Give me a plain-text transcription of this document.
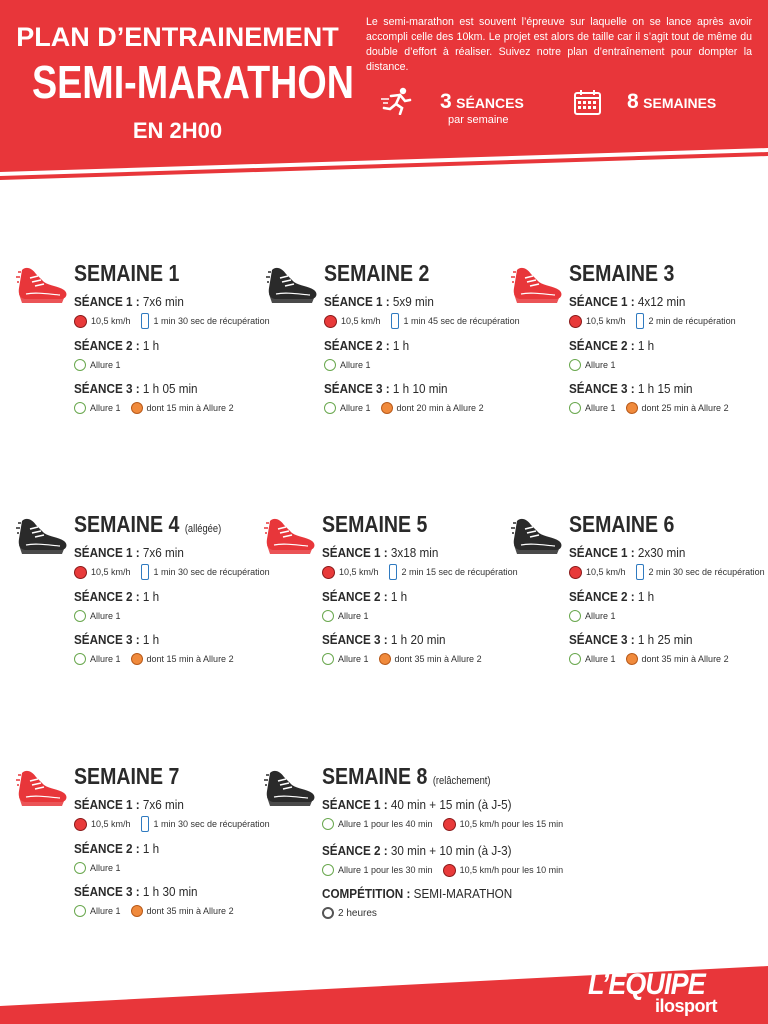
PLAN D’ENTRAINEMENT
SEMI-MARATHON
EN 2H00
Le semi-marathon est souvent l’épreuve sur laquelle on se lance après avoir accompli celle des 10km. Le projet est alors de taille car il s’agit tout de même du double d’effort à réaliser. Suivez notre plan d’entraînement pour dompter la distance.
3 SÉANCES
par semaine
8 SEMAINES
SEMAINE 1
SÉANCE 1 : 7x6 min
10,5 km/h	1 min 30 sec de récupération
SÉANCE 2 : 1 h
Allure 1
SÉANCE 3 : 1 h 05 min
Allure 1	dont 15 min à Allure 2
SEMAINE 2
SÉANCE 1 : 5x9 min
10,5 km/h	1 min 45 sec de récupération
SÉANCE 2 : 1 h
Allure 1
SÉANCE 3 : 1 h 10 min
Allure 1	dont 20 min à Allure 2
SEMAINE 3
SÉANCE 1 : 4x12 min
10,5 km/h	2 min de récupération
SÉANCE 2 : 1 h
Allure 1
SÉANCE 3 : 1 h 15 min
Allure 1	dont 25 min à Allure 2
SEMAINE 4 (allégée)
SÉANCE 1 : 7x6 min
10,5 km/h	1 min 30 sec de récupération
SÉANCE 2 : 1 h
Allure 1
SÉANCE 3 : 1 h
Allure 1	dont 15 min à Allure 2
SEMAINE 5
SÉANCE 1 : 3x18 min
10,5 km/h	2 min 15 sec de récupération
SÉANCE 2 : 1 h
Allure 1
SÉANCE 3 : 1 h 20 min
Allure 1	dont 35 min à Allure 2
SEMAINE 6
SÉANCE 1 : 2x30 min
10,5 km/h	2 min 30 sec de récupération
SÉANCE 2 : 1 h
Allure 1
SÉANCE 3 : 1 h 25 min
Allure 1	dont 35 min à Allure 2
SEMAINE 7
SÉANCE 1 : 7x6 min
10,5 km/h	1 min 30 sec de récupération
SÉANCE 2 : 1 h
Allure 1
SÉANCE 3 : 1 h 30 min
Allure 1	dont 35 min à Allure 2
SEMAINE 8 (relâchement)
SÉANCE 1 : 40 min + 15 min (à J-5)
Allure 1 pour les 40 min	10,5 km/h pour les 15 min
SÉANCE 2 : 30 min + 10 min (à J-3)
Allure 1 pour les 30 min	10,5 km/h pour les 10 min
COMPÉTITION : SEMI-MARATHON
2 heures
L’EQUIPE
ilosport
